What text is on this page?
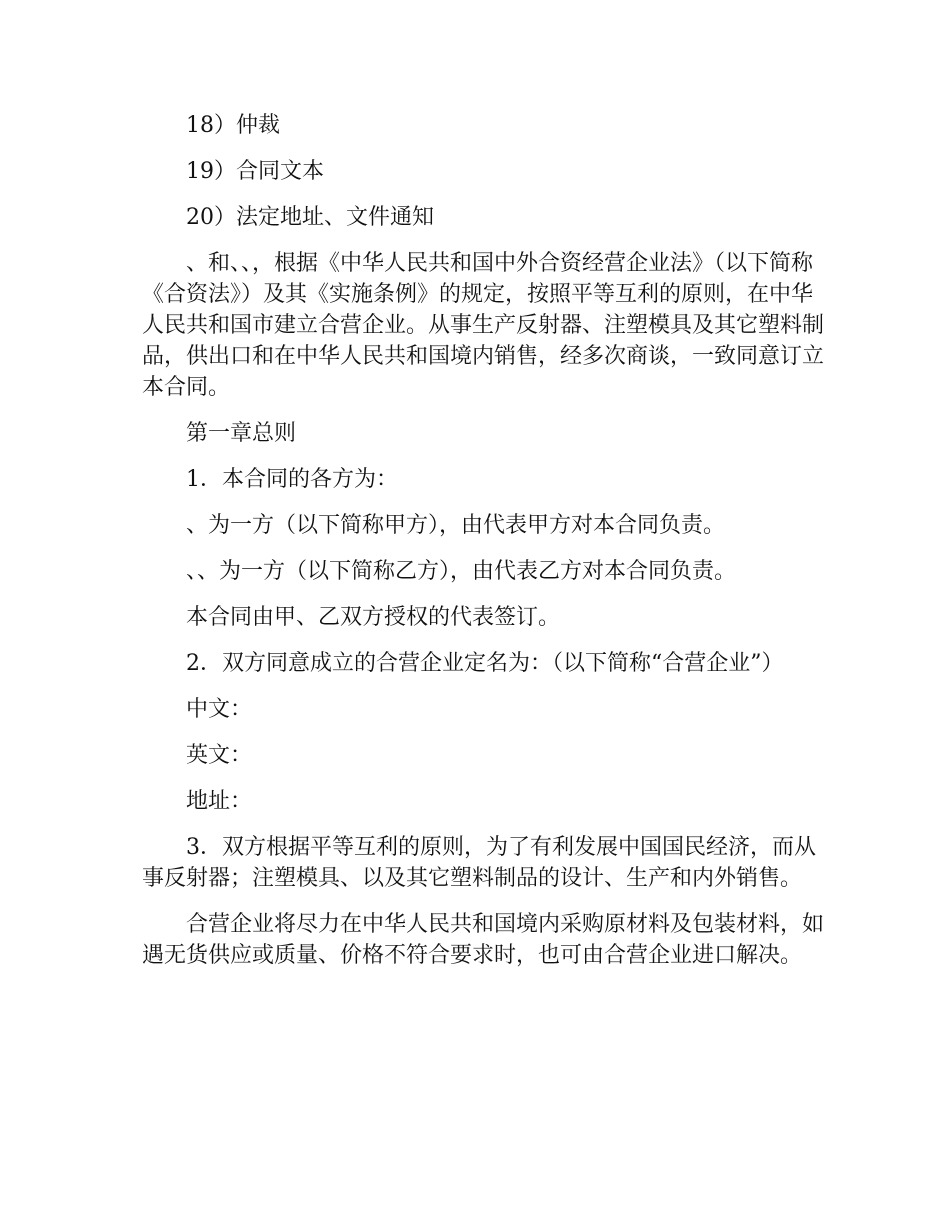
18）仲裁

19）合同文本

20）法定地址、文件通知

、和、、，根据《中华人民共和国中外合资经营企业法》（以下简称《合资法》）及其《实施条例》的规定，按照平等互利的原则，在中华人民共和国市建立合营企业。从事生产反射器、注塑模具及其它塑料制品，供出口和在中华人民共和国境内销售，经多次商谈，一致同意订立本合同。

第一章总则

1．本合同的各方为：

、为一方（以下简称甲方），由代表甲方对本合同负责。

、、为一方（以下简称乙方），由代表乙方对本合同负责。

本合同由甲、乙双方授权的代表签订。

2．双方同意成立的合营企业定名为：（以下简称“合营企业”）

中文：

英文：

地址：

3．双方根据平等互利的原则，为了有利发展中国国民经济，而从事反射器；注塑模具、以及其它塑料制品的设计、生产和内外销售。

合营企业将尽力在中华人民共和国境内采购原材料及包装材料，如遇无货供应或质量、价格不符合要求时，也可由合营企业进口解决。
